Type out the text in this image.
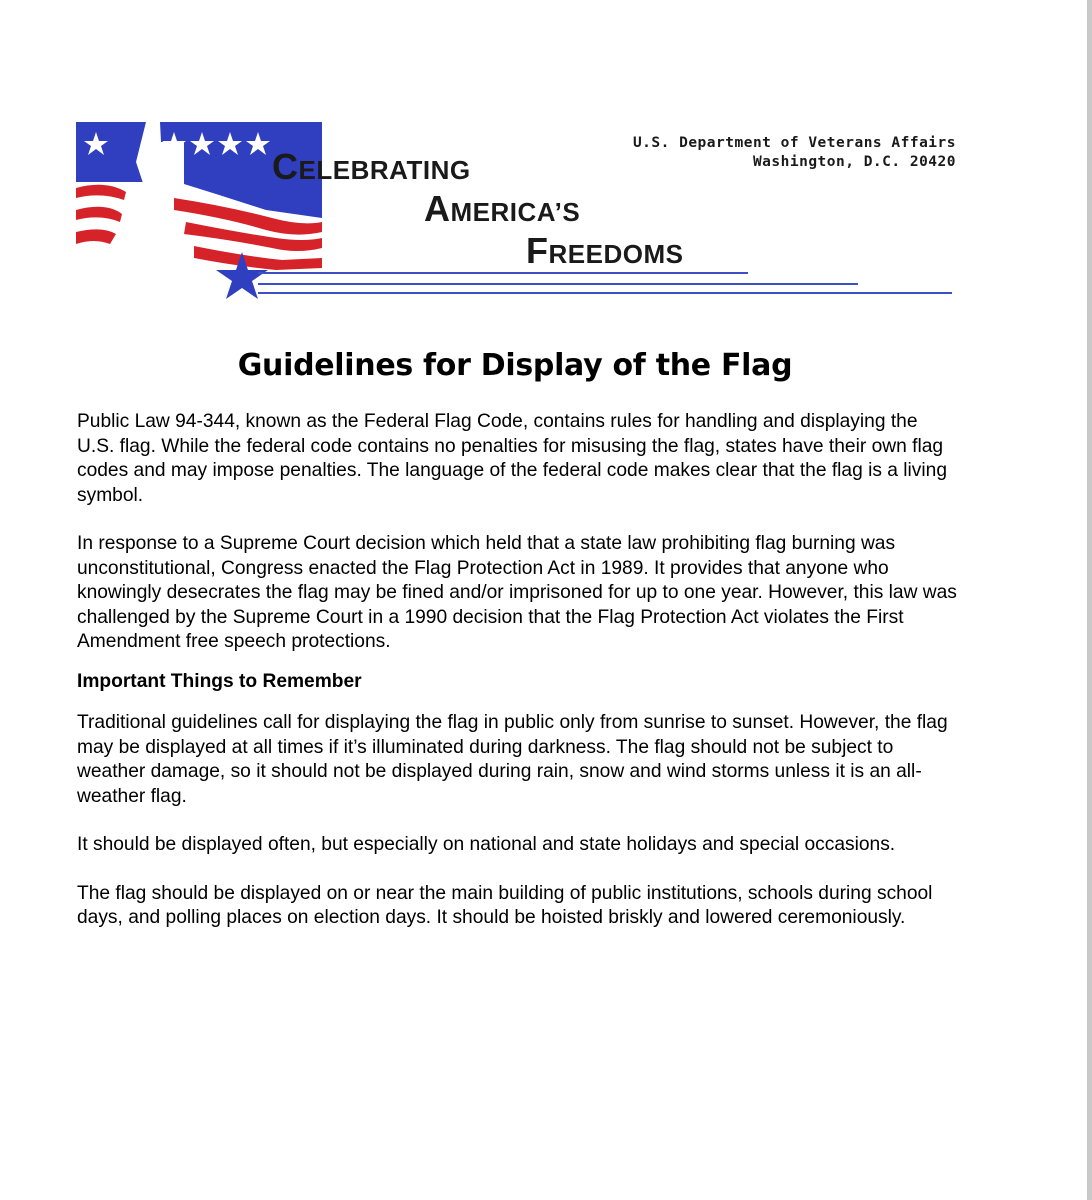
U.S. Department of Veterans Affairs
Washington, D.C. 20420
CELEBRATING
AMERICA’S
FREEDOMS
Guidelines for Display of the Flag

Public Law 94-344, known as the Federal Flag Code, contains rules for handling and displaying the U.S. flag. While the federal code contains no penalties for misusing the flag, states have their own flag codes and may impose penalties. The language of the federal code makes clear that the flag is a living symbol.

In response to a Supreme Court decision which held that a state law prohibiting flag burning was unconstitutional, Congress enacted the Flag Protection Act in 1989. It provides that anyone who knowingly desecrates the flag may be fined and/or imprisoned for up to one year. However, this law was challenged by the Supreme Court in a 1990 decision that the Flag Protection Act violates the First Amendment free speech protections.

Important Things to Remember

Traditional guidelines call for displaying the flag in public only from sunrise to sunset. However, the flag may be displayed at all times if it’s illuminated during darkness. The flag should not be subject to weather damage, so it should not be displayed during rain, snow and wind storms unless it is an all-weather flag.

It should be displayed often, but especially on national and state holidays and special occasions.

The flag should be displayed on or near the main building of public institutions, schools during school days, and polling places on election days. It should be hoisted briskly and lowered ceremoniously.
